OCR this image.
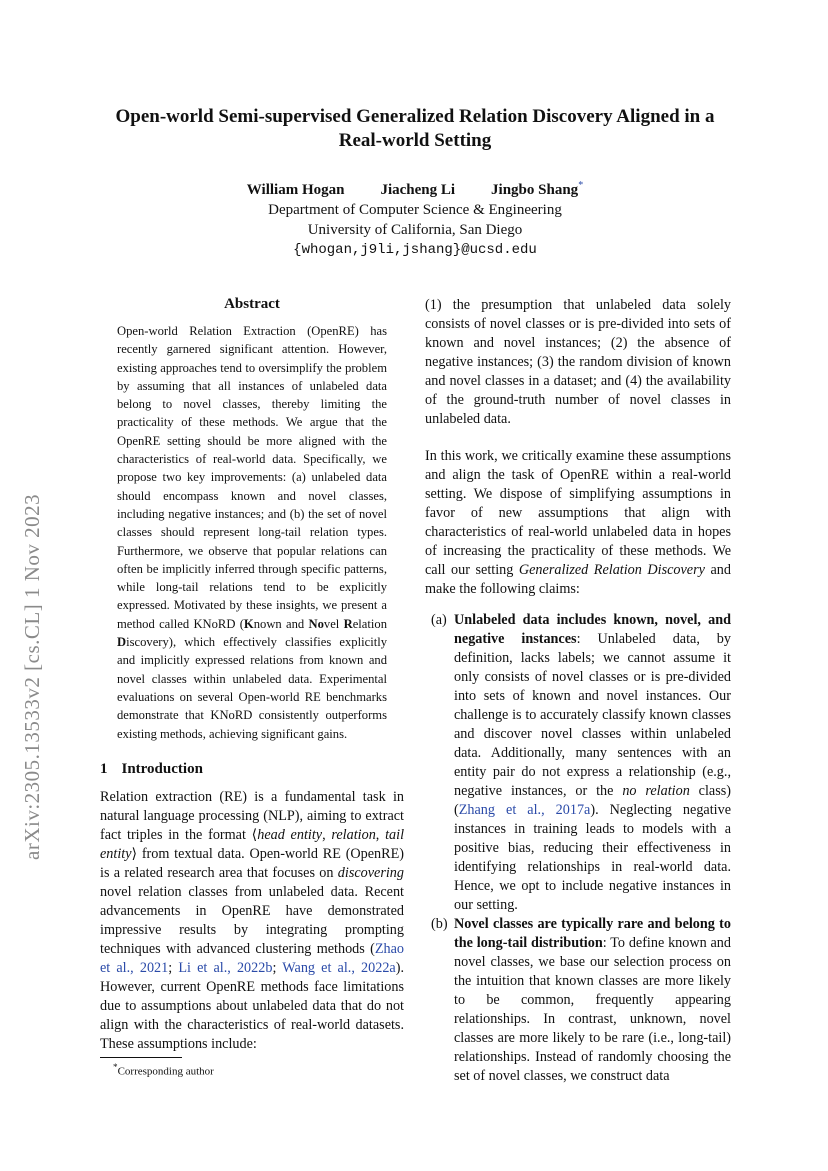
arXiv:2305.13533v2 [cs.CL] 1 Nov 2023
Open-world Semi-supervised Generalized Relation Discovery Aligned in a
Real-world Setting
William Hogan Jiacheng Li Jingbo Shang*
Department of Computer Science & Engineering
University of California, San Diego
{whogan,j9li,jshang}@ucsd.edu
Abstract
Open-world Relation Extraction (OpenRE) has recently garnered significant attention. However, existing approaches tend to oversimplify the problem by assuming that all instances of unlabeled data belong to novel classes, thereby limiting the practicality of these methods. We argue that the OpenRE setting should be more aligned with the characteristics of real-world data. Specifically, we propose two key improvements: (a) unlabeled data should encompass known and novel classes, including negative instances; and (b) the set of novel classes should represent long-tail relation types. Furthermore, we observe that popular relations can often be implicitly inferred through specific patterns, while long-tail relations tend to be explicitly expressed. Motivated by these insights, we present a method called KNoRD (Known and Novel Relation Discovery), which effectively classifies explicitly and implicitly expressed relations from known and novel classes within unlabeled data. Experimental evaluations on several Open-world RE benchmarks demonstrate that KNoRD consistently outperforms existing methods, achieving significant gains.
1 Introduction

Relation extraction (RE) is a fundamental task in natural language processing (NLP), aiming to extract fact triples in the format ⟨head entity, relation, tail entity⟩ from textual data. Open-world RE (OpenRE) is a related research area that focuses on discovering novel relation classes from unlabeled data. Recent advancements in OpenRE have demonstrated impressive results by integrating prompting techniques with advanced clustering methods (Zhao et al., 2021; Li et al., 2022b; Wang et al., 2022a). However, current OpenRE methods face limitations due to assumptions about unlabeled data that do not align with the characteristics of real-world datasets. These assumptions include:

(1) the presumption that unlabeled data solely consists of novel classes or is pre-divided into sets of known and novel instances; (2) the absence of negative instances; (3) the random division of known and novel classes in a dataset; and (4) the availability of the ground-truth number of novel classes in unlabeled data.

In this work, we critically examine these assumptions and align the task of OpenRE within a real-world setting. We dispose of simplifying assumptions in favor of new assumptions that align with characteristics of real-world unlabeled data in hopes of increasing the practicality of these methods. We call our setting Generalized Relation Discovery and make the following claims:

(a) Unlabeled data includes known, novel, and negative instances: Unlabeled data, by definition, lacks labels; we cannot assume it only consists of novel classes or is pre-divided into sets of known and novel instances. Our challenge is to accurately classify known classes and discover novel classes within unlabeled data. Additionally, many sentences with an entity pair do not express a relationship (e.g., negative instances, or the no relation class) (Zhang et al., 2017a). Neglecting negative instances in training leads to models with a positive bias, reducing their effectiveness in identifying relationships in real-world data. Hence, we opt to include negative instances in our setting.
(b) Novel classes are typically rare and belong to the long-tail distribution: To define known and novel classes, we base our selection process on the intuition that known classes are more likely to be common, frequently appearing relationships. In contrast, unknown, novel classes are more likely to be rare (i.e., long-tail) relationships. Instead of randomly choosing the set of novel classes, we construct data
*Corresponding author
